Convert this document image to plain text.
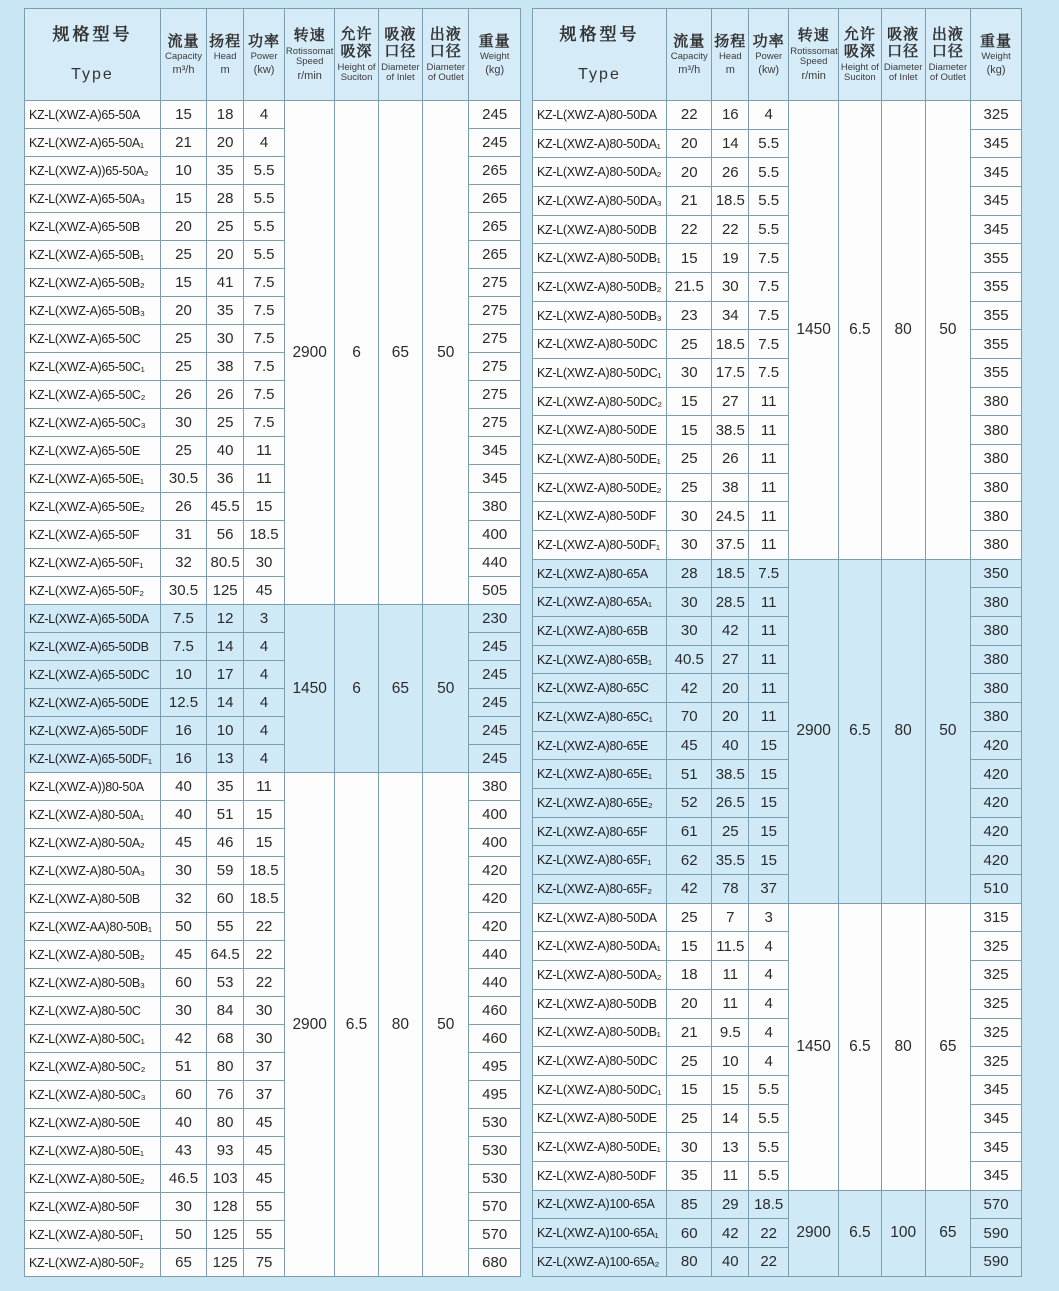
规格型号
Type	流量
Capacity
m³/h	扬程
Head
m	功率
Power
(kw)	转速
Rotissomat Speed
r/min	允许吸深
Height of Suciton	吸液口径
Diameter of Inlet	出液口径
Diameter of Outlet	重量
Weight
(kg)

KZ-L(XWZ-A)65-50A	15	18	4	2900	6	65	50	245
KZ-L(XWZ-A)65-50A₁	21	20	4					245
KZ-L(XWZ-A))65-50A₂	10	35	5.5					265
KZ-L(XWZ-A)65-50A₃	15	28	5.5					265
KZ-L(XWZ-A)65-50B	20	25	5.5					265
KZ-L(XWZ-A)65-50B₁	25	20	5.5					265
KZ-L(XWZ-A)65-50B₂	15	41	7.5					275
KZ-L(XWZ-A)65-50B₃	20	35	7.5					275
KZ-L(XWZ-A)65-50C	25	30	7.5					275
KZ-L(XWZ-A)65-50C₁	25	38	7.5					275
KZ-L(XWZ-A)65-50C₂	26	26	7.5					275
KZ-L(XWZ-A)65-50C₃	30	25	7.5					275
KZ-L(XWZ-A)65-50E	25	40	11					345
KZ-L(XWZ-A)65-50E₁	30.5	36	11					345
KZ-L(XWZ-A)65-50E₂	26	45.5	15					380
KZ-L(XWZ-A)65-50F	31	56	18.5					400
KZ-L(XWZ-A)65-50F₁	32	80.5	30					440
KZ-L(XWZ-A)65-50F₂	30.5	125	45					505
KZ-L(XWZ-A)65-50DA	7.5	12	3	1450	6	65	50	230
KZ-L(XWZ-A)65-50DB	7.5	14	4					245
KZ-L(XWZ-A)65-50DC	10	17	4					245
KZ-L(XWZ-A)65-50DE	12.5	14	4					245
KZ-L(XWZ-A)65-50DF	16	10	4					245
KZ-L(XWZ-A)65-50DF₁	16	13	4					245
KZ-L(XWZ-A))80-50A	40	35	11	2900	6.5	80	50	380
KZ-L(XWZ-A)80-50A₁	40	51	15					400
KZ-L(XWZ-A)80-50A₂	45	46	15					400
KZ-L(XWZ-A)80-50A₃	30	59	18.5					420
KZ-L(XWZ-A)80-50B	32	60	18.5					420
KZ-L(XWZ-AA)80-50B₁	50	55	22					420
KZ-L(XWZ-A)80-50B₂	45	64.5	22					440
KZ-L(XWZ-A)80-50B₃	60	53	22					440
KZ-L(XWZ-A)80-50C	30	84	30					460
KZ-L(XWZ-A)80-50C₁	42	68	30					460
KZ-L(XWZ-A)80-50C₂	51	80	37					495
KZ-L(XWZ-A)80-50C₃	60	76	37					495
KZ-L(XWZ-A)80-50E	40	80	45					530
KZ-L(XWZ-A)80-50E₁	43	93	45					530
KZ-L(XWZ-A)80-50E₂	46.5	103	45					530
KZ-L(XWZ-A)80-50F	30	128	55					570
KZ-L(XWZ-A)80-50F₁	50	125	55					570
KZ-L(XWZ-A)80-50F₂	65	125	75					680
规格型号
Type	流量
Capacity
m³/h	扬程
Head
m	功率
Power
(kw)	转速
Rotissomat Speed
r/min	允许吸深
Height of Suciton	吸液口径
Diameter of Inlet	出液口径
Diameter of Outlet	重量
Weight
(kg)

KZ-L(XWZ-A)80-50DA	22	16	4	1450	6.5	80	50	325
KZ-L(XWZ-A)80-50DA₁	20	14	5.5					345
KZ-L(XWZ-A)80-50DA₂	20	26	5.5					345
KZ-L(XWZ-A)80-50DA₃	21	18.5	5.5					345
KZ-L(XWZ-A)80-50DB	22	22	5.5					345
KZ-L(XWZ-A)80-50DB₁	15	19	7.5					355
KZ-L(XWZ-A)80-50DB₂	21.5	30	7.5					355
KZ-L(XWZ-A)80-50DB₃	23	34	7.5					355
KZ-L(XWZ-A)80-50DC	25	18.5	7.5					355
KZ-L(XWZ-A)80-50DC₁	30	17.5	7.5					355
KZ-L(XWZ-A)80-50DC₂	15	27	11					380
KZ-L(XWZ-A)80-50DE	15	38.5	11					380
KZ-L(XWZ-A)80-50DE₁	25	26	11					380
KZ-L(XWZ-A)80-50DE₂	25	38	11					380
KZ-L(XWZ-A)80-50DF	30	24.5	11					380
KZ-L(XWZ-A)80-50DF₁	30	37.5	11					380
KZ-L(XWZ-A)80-65A	28	18.5	7.5	2900	6.5	80	50	350
KZ-L(XWZ-A)80-65A₁	30	28.5	11					380
KZ-L(XWZ-A)80-65B	30	42	11					380
KZ-L(XWZ-A)80-65B₁	40.5	27	11					380
KZ-L(XWZ-A)80-65C	42	20	11					380
KZ-L(XWZ-A)80-65C₁	70	20	11					380
KZ-L(XWZ-A)80-65E	45	40	15					420
KZ-L(XWZ-A)80-65E₁	51	38.5	15					420
KZ-L(XWZ-A)80-65E₂	52	26.5	15					420
KZ-L(XWZ-A)80-65F	61	25	15					420
KZ-L(XWZ-A)80-65F₁	62	35.5	15					420
KZ-L(XWZ-A)80-65F₂	42	78	37					510
KZ-L(XWZ-A)80-50DA	25	7	3	1450	6.5	80	65	315
KZ-L(XWZ-A)80-50DA₁	15	11.5	4					325
KZ-L(XWZ-A)80-50DA₂	18	11	4					325
KZ-L(XWZ-A)80-50DB	20	11	4					325
KZ-L(XWZ-A)80-50DB₁	21	9.5	4					325
KZ-L(XWZ-A)80-50DC	25	10	4					325
KZ-L(XWZ-A)80-50DC₁	15	15	5.5					345
KZ-L(XWZ-A)80-50DE	25	14	5.5					345
KZ-L(XWZ-A)80-50DE₁	30	13	5.5					345
KZ-L(XWZ-A)80-50DF	35	11	5.5					345
KZ-L(XWZ-A)100-65A	85	29	18.5	2900	6.5	100	65	570
KZ-L(XWZ-A)100-65A₁	60	42	22					590
KZ-L(XWZ-A)100-65A₂	80	40	22					590
